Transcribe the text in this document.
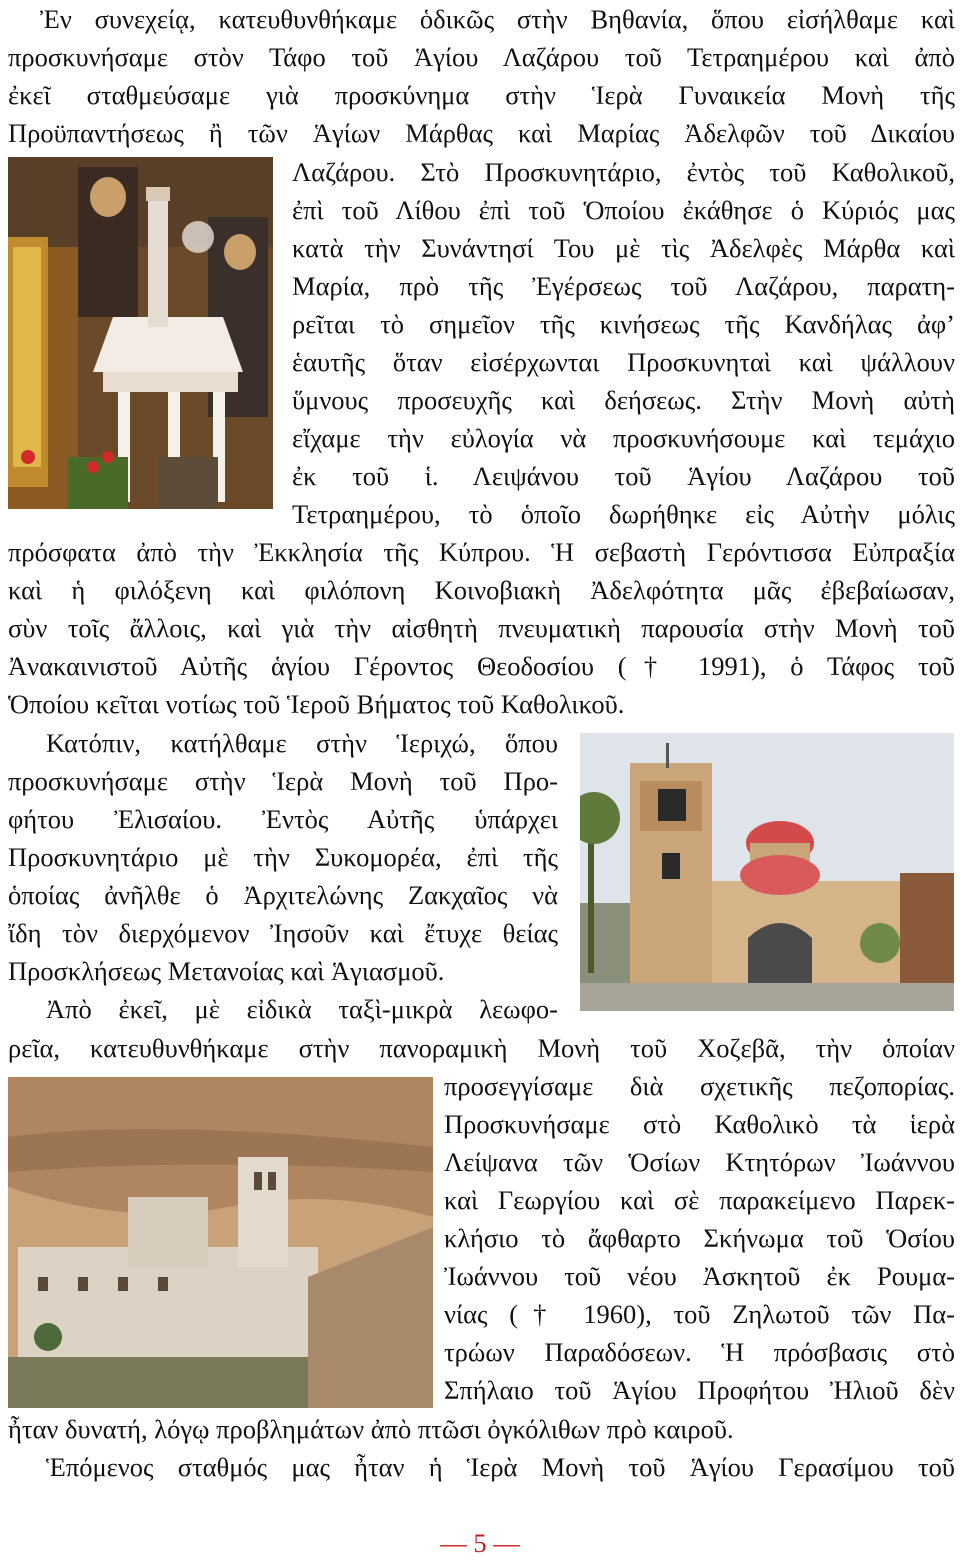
Ἐν συνεχείᾳ, κατευθυνθήκαμε ὁδικῶς στὴν Βηθανία, ὅπου εἰσήλθαμε καὶ
προσκυνήσαμε στὸν Τάφο τοῦ Ἁγίου Λαζάρου τοῦ Τετραημέρου καὶ ἀπὸ
ἐκεῖ σταθμεύσαμε γιὰ προσκύνημα στὴν Ἱερὰ Γυναικεία Μονὴ τῆς
Προϋπαντήσεως ἢ τῶν Ἁγίων Μάρθας καὶ Μαρίας Ἀδελφῶν τοῦ Δικαίου
Λαζάρου. Στὸ Προσκυνητάριο, ἐντὸς τοῦ Καθολικοῦ,
ἐπὶ τοῦ Λίθου ἐπὶ τοῦ Ὁποίου ἐκάθησε ὁ Κύριός μας
κατὰ τὴν Συνάντησί Του μὲ τὶς Ἀδελφὲς Μάρθα καὶ
Μαρία, πρὸ τῆς Ἐγέρσεως τοῦ Λαζάρου, παρατη-
ρεῖται τὸ σημεῖον τῆς κινήσεως τῆς Κανδήλας ἀφ’
ἑαυτῆς ὅταν εἰσέρχωνται Προσκυνηταὶ καὶ ψάλλουν
ὕμνους προσευχῆς καὶ δεήσεως. Στὴν Μονὴ αὐτὴ
εἴχαμε τὴν εὐλογία νὰ προσκυνήσουμε καὶ τεμάχιο
ἐκ τοῦ ἱ. Λειψάνου τοῦ Ἁγίου Λαζάρου τοῦ
Τετραημέρου, τὸ ὁποῖο δωρήθηκε εἰς Αὐτὴν μόλις
πρόσφατα ἀπὸ τὴν Ἐκκλησία τῆς Κύπρου. Ἡ σεβαστὴ Γερόντισσα Εὐπραξία
καὶ ἡ φιλόξενη καὶ φιλόπονη Κοινοβιακὴ Ἀδελφότητα μᾶς ἐβεβαίωσαν,
σὺν τοῖς ἄλλοις, καὶ γιὰ τὴν αἰσθητὴ πνευματικὴ παρουσία στὴν Μονὴ τοῦ
Ἀνακαινιστοῦ Αὐτῆς ἁγίου Γέροντος Θεοδοσίου († 1991), ὁ Τάφος τοῦ
Ὁποίου κεῖται νοτίως τοῦ Ἱεροῦ Βήματος τοῦ Καθολικοῦ.
Κατόπιν, κατήλθαμε στὴν Ἱεριχώ, ὅπου
προσκυνήσαμε στὴν Ἱερὰ Μονὴ τοῦ Προ-
φήτου Ἐλισαίου. Ἐντὸς Αὐτῆς ὑπάρχει
Προσκυνητάριο μὲ τὴν Συκομορέα, ἐπὶ τῆς
ὁποίας ἀνῆλθε ὁ Ἀρχιτελώνης Ζακχαῖος νὰ
ἴδη τὸν διερχόμενον Ἰησοῦν καὶ ἔτυχε θείας
Προσκλήσεως Μετανοίας καὶ Ἁγιασμοῦ.
Ἀπὸ ἐκεῖ, μὲ εἰδικὰ ταξὶ-μικρὰ λεωφο-
ρεῖα, κατευθυνθήκαμε στὴν πανοραμικὴ Μονὴ τοῦ Χοζεβᾶ, τὴν ὁποίαν
προσεγγίσαμε διὰ σχετικῆς πεζοπορίας.
Προσκυνήσαμε στὸ Καθολικὸ τὰ ἱερὰ
Λείψανα τῶν Ὁσίων Κτητόρων Ἰωάννου
καὶ Γεωργίου καὶ σὲ παρακείμενο Παρεκ-
κλήσιο τὸ ἄφθαρτο Σκήνωμα τοῦ Ὁσίου
Ἰωάννου τοῦ νέου Ἀσκητοῦ ἐκ Ρουμα-
νίας († 1960), τοῦ Ζηλωτοῦ τῶν Πα-
τρώων Παραδόσεων. Ἡ πρόσβασις στὸ
Σπήλαιο τοῦ Ἁγίου Προφήτου Ἠλιοῦ δὲν
ἦταν δυνατή, λόγῳ προβλημάτων ἀπὸ πτῶσι ὀγκόλιθων πρὸ καιροῦ.
Ἑπόμενος σταθμός μας ἦταν ἡ Ἱερὰ Μονὴ τοῦ Ἁγίου Γερασίμου τοῦ
— 5 —
